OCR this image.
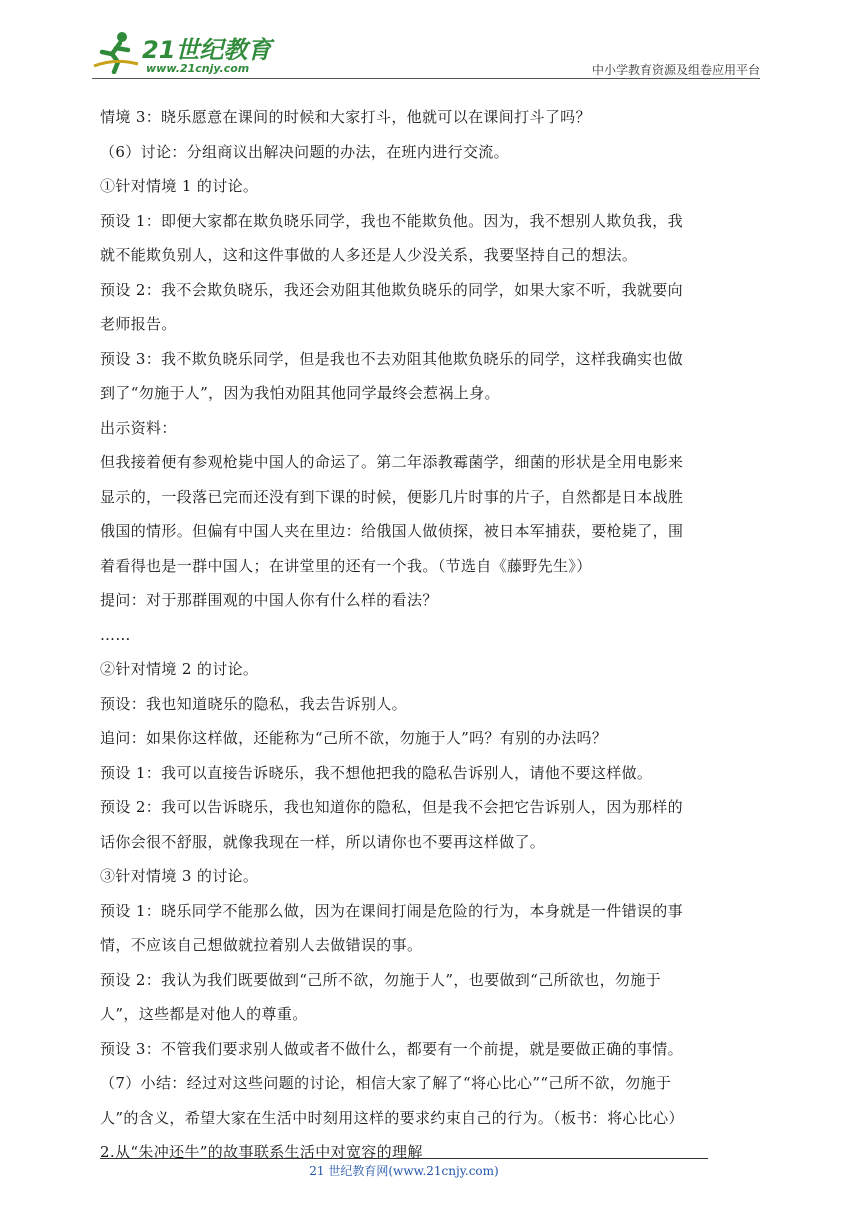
21世纪教育
www.21cnjy.com	中小学教育资源及组卷应用平台

情境 3：晓乐愿意在课间的时候和大家打斗，他就可以在课间打斗了吗？

（6）讨论：分组商议出解决问题的办法，在班内进行交流。

①针对情境 1 的讨论。

预设 1：即便大家都在欺负晓乐同学，我也不能欺负他。因为，我不想别人欺负我，我

就不能欺负别人，这和这件事做的人多还是人少没关系，我要坚持自己的想法。

预设 2：我不会欺负晓乐，我还会劝阻其他欺负晓乐的同学，如果大家不听，我就要向

老师报告。

预设 3：我不欺负晓乐同学，但是我也不去劝阻其他欺负晓乐的同学，这样我确实也做

到了“勿施于人”，因为我怕劝阻其他同学最终会惹祸上身。

出示资料：

但我接着便有参观枪毙中国人的命运了。第二年添教霉菌学，细菌的形状是全用电影来

显示的，一段落已完而还没有到下课的时候，便影几片时事的片子，自然都是日本战胜

俄国的情形。但偏有中国人夹在里边：给俄国人做侦探，被日本军捕获，要枪毙了，围

着看得也是一群中国人；在讲堂里的还有一个我。（节选自《藤野先生》）

提问：对于那群围观的中国人你有什么样的看法？

……

②针对情境 2 的讨论。

预设：我也知道晓乐的隐私，我去告诉别人。

追问：如果你这样做，还能称为“己所不欲，勿施于人”吗？有别的办法吗？

预设 1：我可以直接告诉晓乐，我不想他把我的隐私告诉别人，请他不要这样做。

预设 2：我可以告诉晓乐，我也知道你的隐私，但是我不会把它告诉别人，因为那样的

话你会很不舒服，就像我现在一样，所以请你也不要再这样做了。

③针对情境 3 的讨论。

预设 1：晓乐同学不能那么做，因为在课间打闹是危险的行为，本身就是一件错误的事

情，不应该自己想做就拉着别人去做错误的事。

预设 2：我认为我们既要做到“己所不欲，勿施于人”，也要做到“己所欲也，勿施于

人”，这些都是对他人的尊重。

预设 3：不管我们要求别人做或者不做什么，都要有一个前提，就是要做正确的事情。

（7）小结：经过对这些问题的讨论，相信大家了解了“将心比心”“己所不欲，勿施于

人”的含义，希望大家在生活中时刻用这样的要求约束自己的行为。（板书：将心比心）

2.从“朱冲还牛”的故事联系生活中对宽容的理解

21 世纪教育网(www.21cnjy.com)
